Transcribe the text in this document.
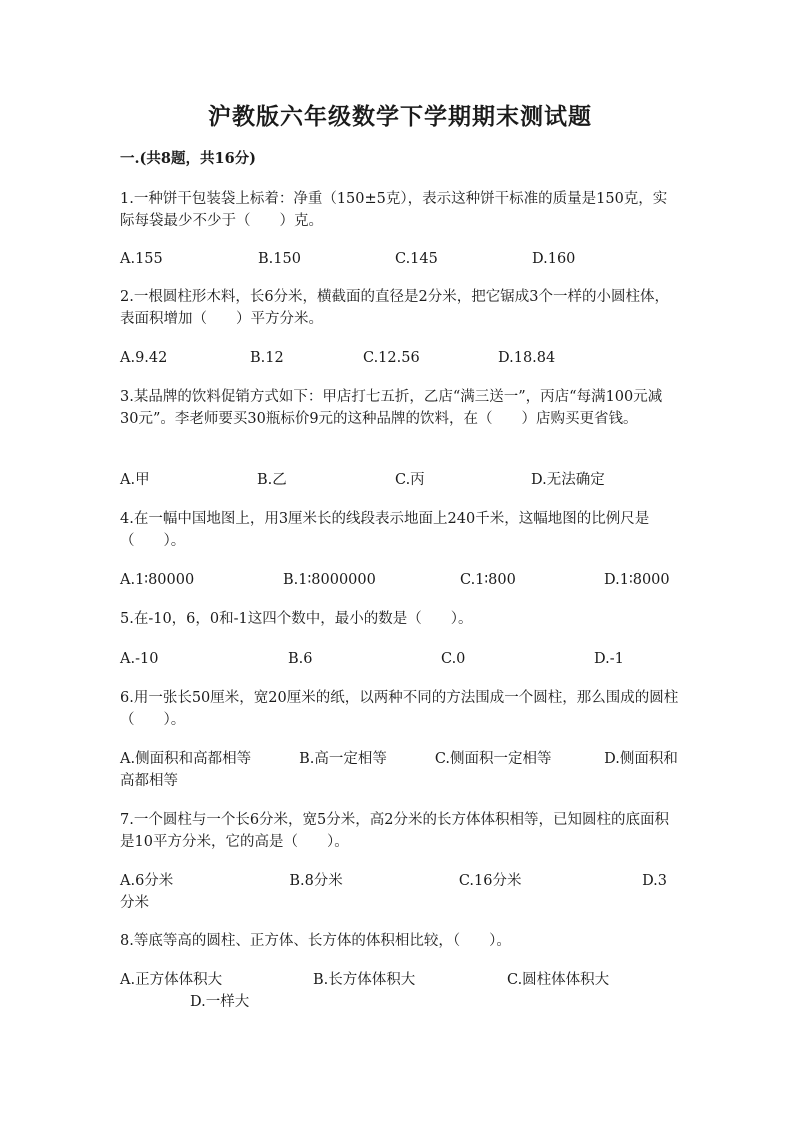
沪教版六年级数学下学期期末测试题
一.(共8题，共16分)

1.一种饼干包装袋上标着：净重（150±5克），表示这种饼干标准的质量是150克，实际每袋最少不少于（　　）克。

A.155	B.150	C.145	D.160

2.一根圆柱形木料，长6分米，横截面的直径是2分米，把它锯成3个一样的小圆柱体，表面积增加（　　）平方分米。

A.9.42	B.12	C.12.56	D.18.84

3.某品牌的饮料促销方式如下：甲店打七五折，乙店“满三送一”，丙店“每满100元减30元”。李老师要买30瓶标价9元的这种品牌的饮料，在（　　）店购买更省钱。

A.甲	B.乙	C.丙	D.无法确定

4.在一幅中国地图上，用3厘米长的线段表示地面上240千米，这幅地图的比例尺是（　　）。

A.1∶80000	B.1∶8000000	C.1∶800	D.1∶8000

5.在-10，6，0和-1这四个数中，最小的数是（　　）。

A.-10	B.6	C.0	D.-1

6.用一张长50厘米，宽20厘米的纸，以两种不同的方法围成一个圆柱，那么围成的圆柱（　　）。

A.侧面积和高都相等	B.高一定相等	C.侧面积一定相等	D.侧面积和高都相等

7.一个圆柱与一个长6分米，宽5分米，高2分米的长方体体积相等，已知圆柱的底面积是10平方分米，它的高是（　　）。

A.6分米	B.8分米	C.16分米	D.3分米

8.等底等高的圆柱、正方体、长方体的体积相比较，（　　）。

A.正方体体积大	B.长方体体积大	C.圆柱体体积大
D.一样大
